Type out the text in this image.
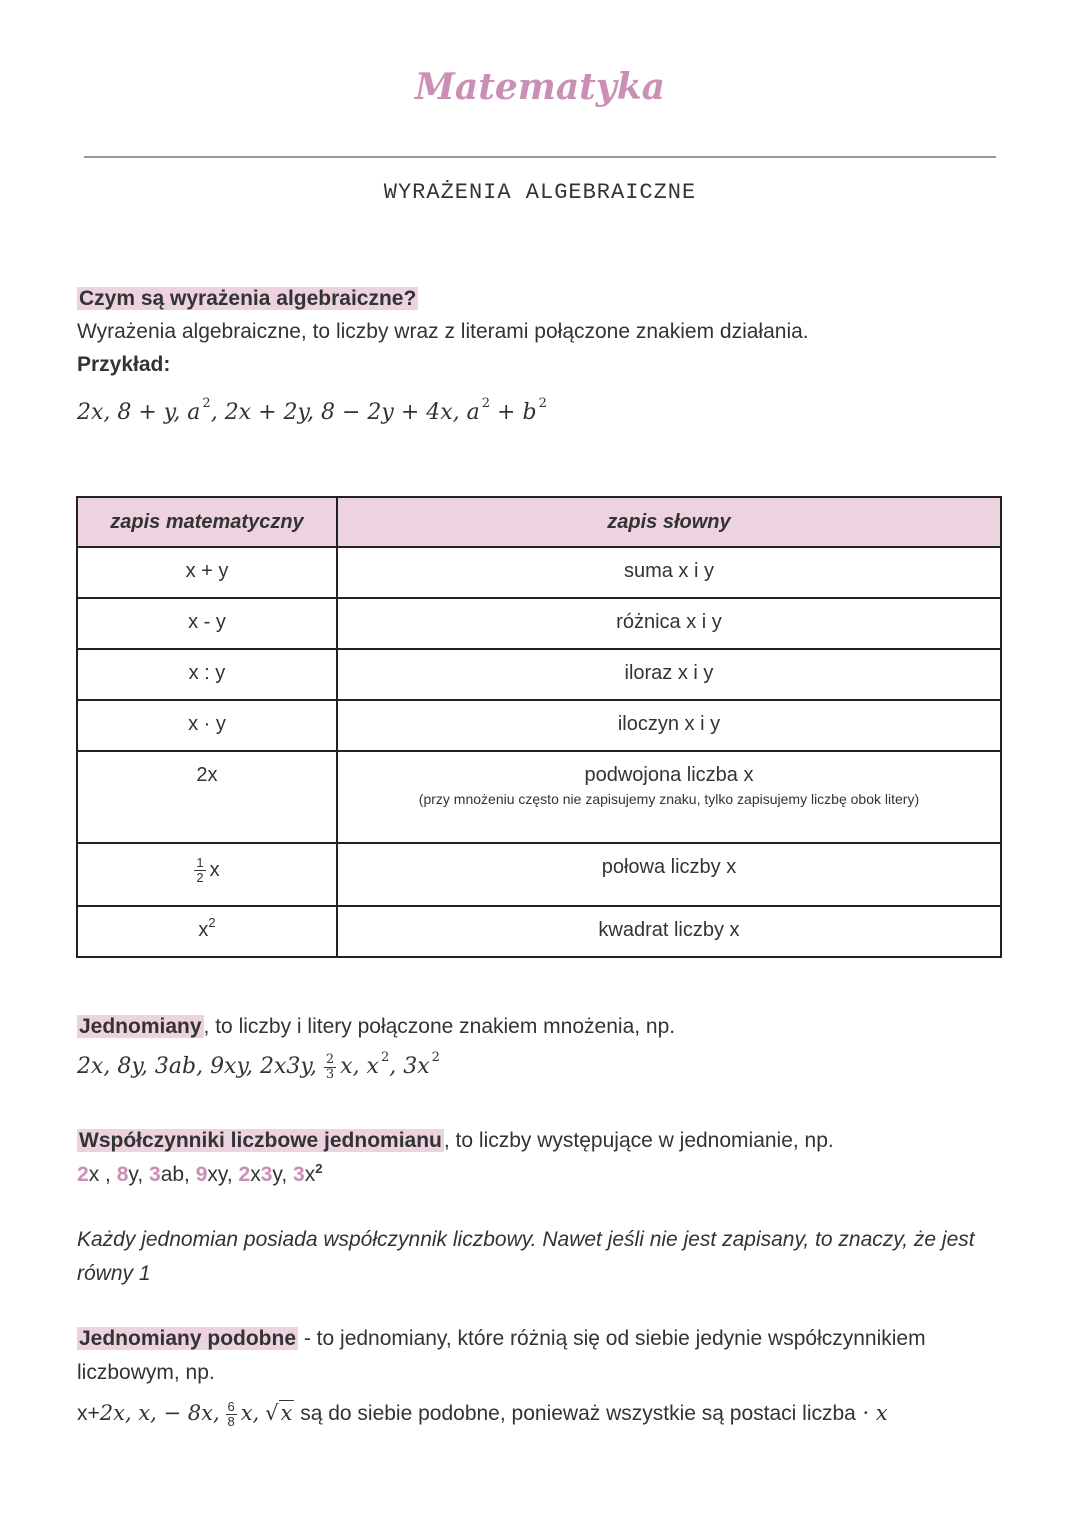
Matematyka
WYRAŻENIA ALGEBRAICZNE
Czym są wyrażenia algebraiczne?
Wyrażenia algebraiczne, to liczby wraz z literami połączone znakiem działania.
Przykład:
2x, 8 + y, a $^2$, 2x + 2y, 8 − 2y + 4x, a $^2$ + b $^2$
zapis matematyczny	zapis słowny
x + y	suma x i y
x - y	różnica x i y
x : y	iloraz x i y
x · y	iloczyn x i y
2x	podwojona liczba x
(przy mnożeniu często nie zapisujemy znaku, tylko zapisujemy liczbę obok litery)

$\frac{1}{2}$ x	połowa liczby x
$x^2$	kwadrat liczby x
Jednomiany, to liczby i litery połączone znakiem mnożenia, np.
2x, 8y, 3ab, 9xy, 2x3y, $\frac{2}{3} x$, x $^2$, 3x $^2$
Współczynniki liczbowe jednomianu, to liczby występujące w jednomianie, np.
2x , 8y, 3ab, 9xy, 2x3y, $3x^2$
Każdy jednomian posiada współczynnik liczbowy. Nawet jeśli nie jest zapisany, to znaczy, że jest równy 1
Jednomiany podobne - to jednomiany, które różnią się od siebie jedynie współczynnikiem liczbowym, np.
x+2x, x, − 8x, $\frac{6}{8} x$, √x są do siebie podobne, ponieważ wszystkie są postaci liczba · x
